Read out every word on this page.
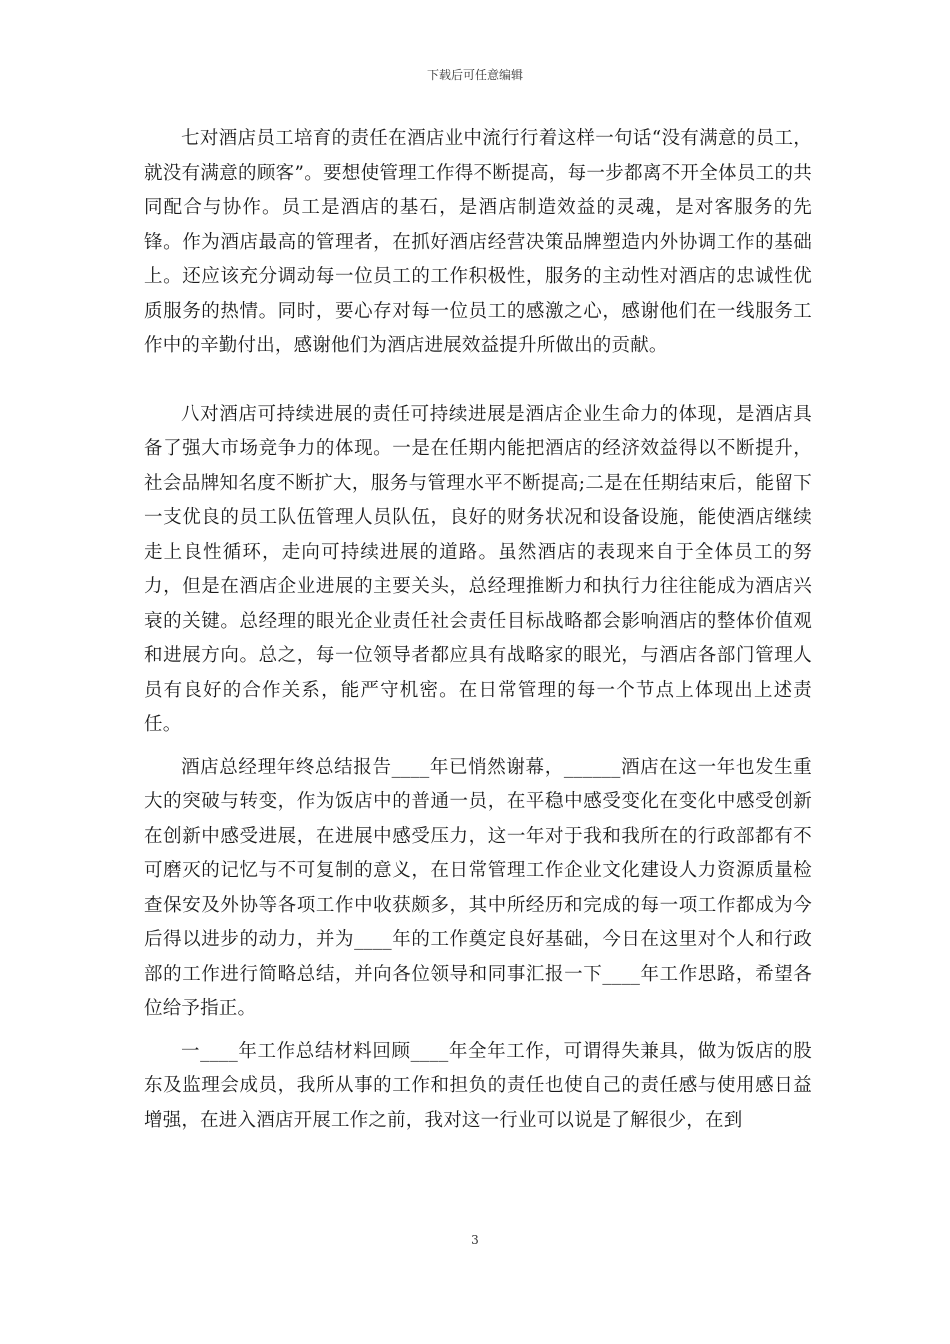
下载后可任意编辑

七对酒店员工培育的责任在酒店业中流行行着这样一句话“没有满意的员工，就没有满意的顾客”。要想使管理工作得不断提高，每一步都离不开全体员工的共同配合与协作。员工是酒店的基石，是酒店制造效益的灵魂，是对客服务的先锋。作为酒店最高的管理者，在抓好酒店经营决策品牌塑造内外协调工作的基础上。还应该充分调动每一位员工的工作积极性，服务的主动性对酒店的忠诚性优质服务的热情。同时，要心存对每一位员工的感激之心，感谢他们在一线服务工作中的辛勤付出，感谢他们为酒店进展效益提升所做出的贡献。

八对酒店可持续进展的责任可持续进展是酒店企业生命力的体现，是酒店具备了强大市场竞争力的体现。一是在任期内能把酒店的经济效益得以不断提升，社会品牌知名度不断扩大，服务与管理水平不断提高;二是在任期结束后，能留下一支优良的员工队伍管理人员队伍，良好的财务状况和设备设施，能使酒店继续走上良性循环，走向可持续进展的道路。虽然酒店的表现来自于全体员工的努力，但是在酒店企业进展的主要关头，总经理推断力和执行力往往能成为酒店兴衰的关键。总经理的眼光企业责任社会责任目标战略都会影响酒店的整体价值观和进展方向。总之，每一位领导者都应具有战略家的眼光，与酒店各部门管理人员有良好的合作关系，能严守机密。在日常管理的每一个节点上体现出上述责任。

酒店总经理年终总结报告____年已悄然谢幕，______酒店在这一年也发生重大的突破与转变，作为饭店中的普通一员，在平稳中感受变化在变化中感受创新在创新中感受进展，在进展中感受压力，这一年对于我和我所在的行政部都有不可磨灭的记忆与不可复制的意义，在日常管理工作企业文化建设人力资源质量检查保安及外协等各项工作中收获颇多，其中所经历和完成的每一项工作都成为今后得以进步的动力，并为____年的工作奠定良好基础，今日在这里对个人和行政部的工作进行简略总结，并向各位领导和同事汇报一下____年工作思路，希望各位给予指正。

一____年工作总结材料回顾____年全年工作，可谓得失兼具，做为饭店的股东及监理会成员，我所从事的工作和担负的责任也使自己的责任感与使用感日益增强，在进入酒店开展工作之前，我对这一行业可以说是了解很少，在到

3
